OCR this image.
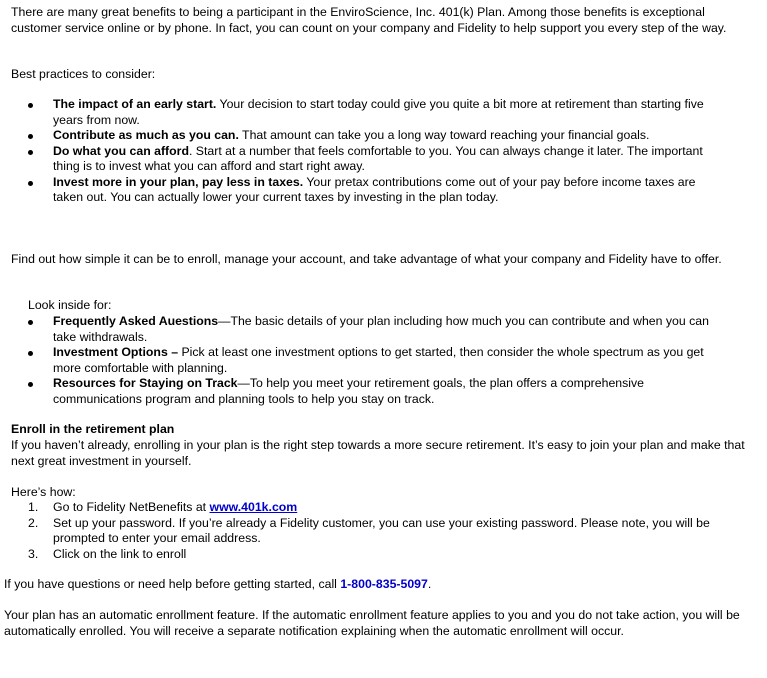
There are many great benefits to being a participant in the EnviroScience, Inc. 401(k) Plan. Among those benefits is exceptional customer service online or by phone. In fact, you can count on your company and Fidelity to help support you every step of the way.

Best practices to consider:

The impact of an early start. Your decision to start today could give you quite a bit more at retirement than starting five years from now.
Contribute as much as you can. That amount can take you a long way toward reaching your financial goals.
Do what you can afford. Start at a number that feels comfortable to you. You can always change it later. The important thing is to invest what you can afford and start right away.
Invest more in your plan, pay less in taxes. Your pretax contributions come out of your pay before income taxes are taken out. You can actually lower your current taxes by investing in the plan today.

Find out how simple it can be to enroll, manage your account, and take advantage of what your company and Fidelity have to offer.

Look inside for:

Frequently Asked Auestions—The basic details of your plan including how much you can contribute and when you can take withdrawals.
Investment Options – Pick at least one investment options to get started, then consider the whole spectrum as you get more comfortable with planning.
Resources for Staying on Track—To help you meet your retirement goals, the plan offers a comprehensive communications program and planning tools to help you stay on track.

Enroll in the retirement plan

If you haven’t already, enrolling in your plan is the right step towards a more secure retirement. It’s easy to join your plan and make that next great investment in yourself.

Here’s how:

1. Go to Fidelity NetBenefits at www.401k.com
2. Set up your password. If you’re already a Fidelity customer, you can use your existing password. Please note, you will be prompted to enter your email address.
3. Click on the link to enroll

If you have questions or need help before getting started, call 1-800-835-5097.

Your plan has an automatic enrollment feature. If the automatic enrollment feature applies to you and you do not take action, you will be automatically enrolled. You will receive a separate notification explaining when the automatic enrollment will occur.
